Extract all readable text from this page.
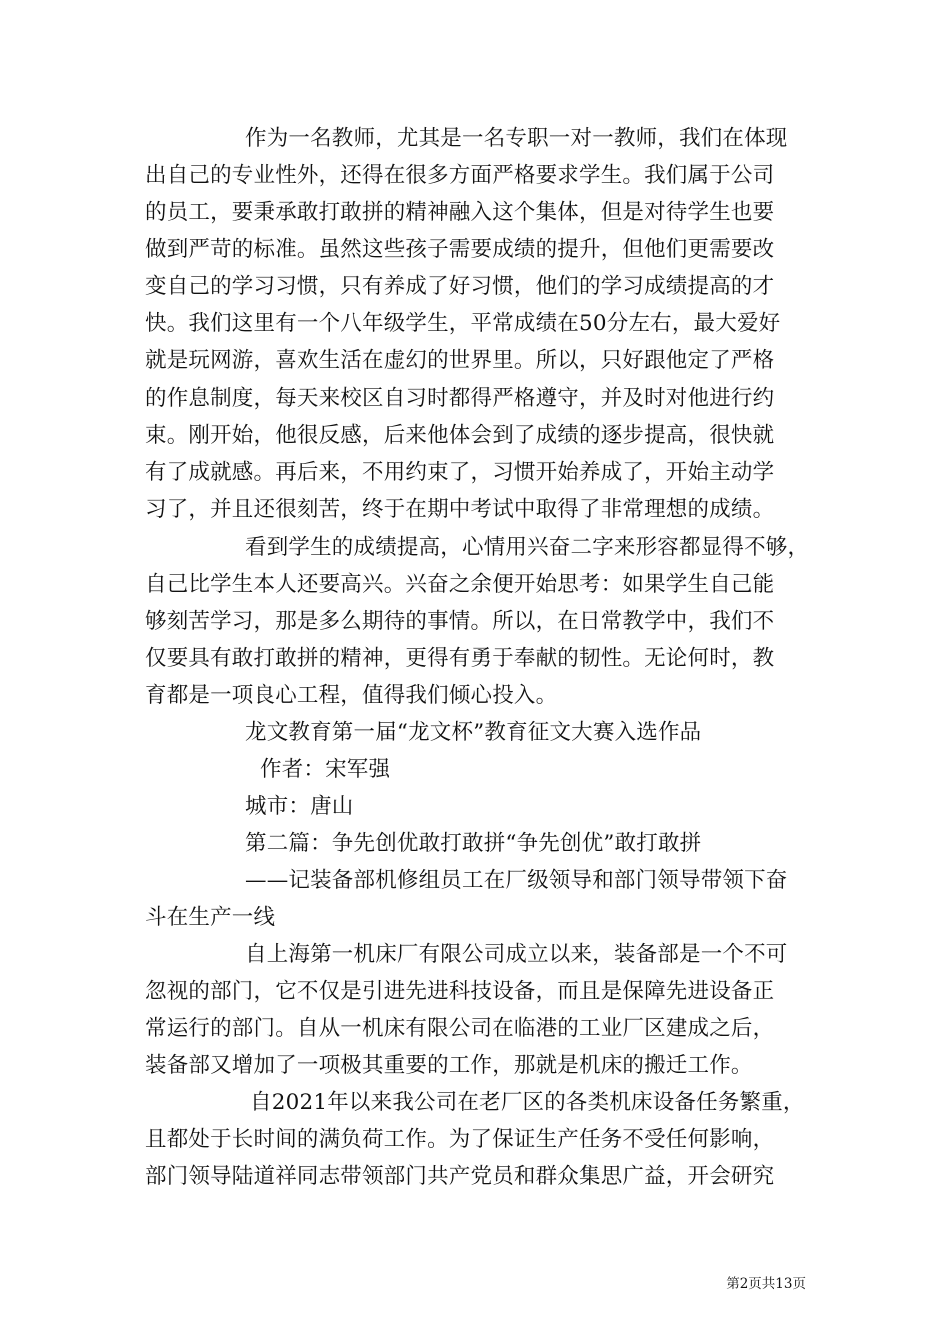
作为一名教师，尤其是一名专职一对一教师，我们在体现
出自己的专业性外，还得在很多方面严格要求学生。我们属于公司
的员工，要秉承敢打敢拼的精神融入这个集体，但是对待学生也要
做到严苛的标准。虽然这些孩子需要成绩的提升，但他们更需要改
变自己的学习习惯，只有养成了好习惯，他们的学习成绩提高的才
快。我们这里有一个八年级学生，平常成绩在50分左右，最大爱好
就是玩网游，喜欢生活在虚幻的世界里。所以，只好跟他定了严格
的作息制度，每天来校区自习时都得严格遵守，并及时对他进行约
束。刚开始，他很反感，后来他体会到了成绩的逐步提高，很快就
有了成就感。再后来，不用约束了，习惯开始养成了，开始主动学
习了，并且还很刻苦，终于在期中考试中取得了非常理想的成绩。
看到学生的成绩提高，心情用兴奋二字来形容都显得不够，
自己比学生本人还要高兴。兴奋之余便开始思考：如果学生自己能
够刻苦学习，那是多么期待的事情。所以，在日常教学中，我们不
仅要具有敢打敢拼的精神，更得有勇于奉献的韧性。无论何时，教
育都是一项良心工程，值得我们倾心投入。
龙文教育第一届“龙文杯”教育征文大赛入选作品
作者：宋军强
城市：唐山
第二篇：争先创优敢打敢拼“争先创优”敢打敢拼
——记装备部机修组员工在厂级领导和部门领导带领下奋
斗在生产一线
自上海第一机床厂有限公司成立以来，装备部是一个不可
忽视的部门，它不仅是引进先进科技设备，而且是保障先进设备正
常运行的部门。自从一机床有限公司在临港的工业厂区建成之后，
装备部又增加了一项极其重要的工作，那就是机床的搬迁工作。
自2021年以来我公司在老厂区的各类机床设备任务繁重，
且都处于长时间的满负荷工作。为了保证生产任务不受任何影响，
部门领导陆道祥同志带领部门共产党员和群众集思广益，开会研究
第2页共13页
